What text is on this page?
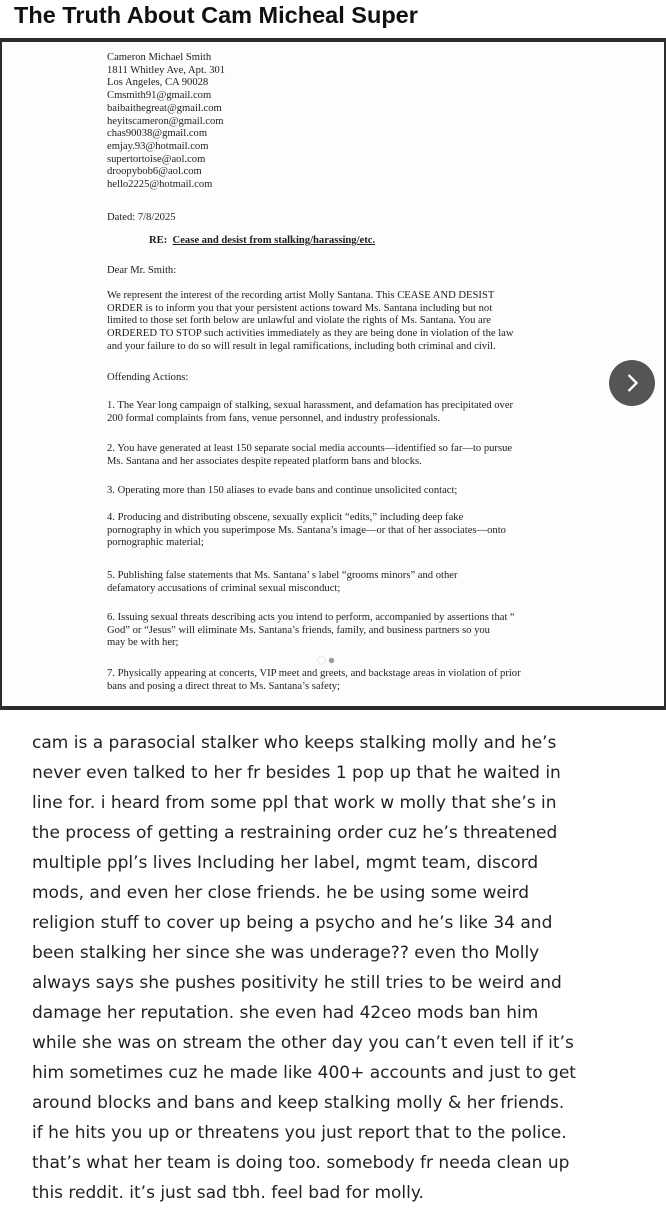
The Truth About Cam Micheal Super
Cameron Michael Smith
1811 Whitley Ave, Apt. 301
Los Angeles, CA 90028
Cmsmith91@gmail.com
baibaithegreat@gmail.com
heyitscameron@gmail.com
chas90038@gmail.com
emjay.93@hotmail.com
supertortoise@aol.com
droopybob6@aol.com
hello2225@hotmail.com
Dated: 7/8/2025
RE: Cease and desist from stalking/harassing/etc.
Dear Mr. Smith:
We represent the interest of the recording artist Molly Santana. This CEASE AND DESIST
ORDER is to inform you that your persistent actions toward Ms. Santana including but not
limited to those set forth below are unlawful and violate the rights of Ms. Santana. You are
ORDERED TO STOP such activities immediately as they are being done in violation of the law
and your failure to do so will result in legal ramifications, including both criminal and civil.
Offending Actions:
1. The Year long campaign of stalking, sexual harassment, and defamation has precipitated over
200 formal complaints from fans, venue personnel, and industry professionals.
2. You have generated at least 150 separate social media accounts—identified so far—to pursue
Ms. Santana and her associates despite repeated platform bans and blocks.
3. Operating more than 150 aliases to evade bans and continue unsolicited contact;
4. Producing and distributing obscene, sexually explicit “edits,” including deep fake
pornography in which you superimpose Ms. Santana’s image—or that of her associates—onto
pornographic material;
5. Publishing false statements that Ms. Santana’ s label “grooms minors” and other
defamatory accusations of criminal sexual misconduct;
6. Issuing sexual threats describing acts you intend to perform, accompanied by assertions that “
God” or “Jesus” will eliminate Ms. Santana’s friends, family, and business partners so you
may be with her;
7. Physically appearing at concerts, VIP meet and greets, and backstage areas in violation of prior
bans and posing a direct threat to Ms. Santana’s safety;
cam is a parasocial stalker who keeps stalking molly and he’s
never even talked to her fr besides 1 pop up that he waited in
line for. i heard from some ppl that work w molly that she’s in
the process of getting a restraining order cuz he’s threatened
multiple ppl’s lives Including her label, mgmt team, discord
mods, and even her close friends. he be using some weird
religion stuff to cover up being a psycho and he’s like 34 and
been stalking her since she was underage?? even tho Molly
always says she pushes positivity he still tries to be weird and
damage her reputation. she even had 42ceo mods ban him
while she was on stream the other day you can’t even tell if it’s
him sometimes cuz he made like 400+ accounts and just to get
around blocks and bans and keep stalking molly & her friends.
if he hits you up or threatens you just report that to the police.
that’s what her team is doing too. somebody fr needa clean up
this reddit. it’s just sad tbh. feel bad for molly.
